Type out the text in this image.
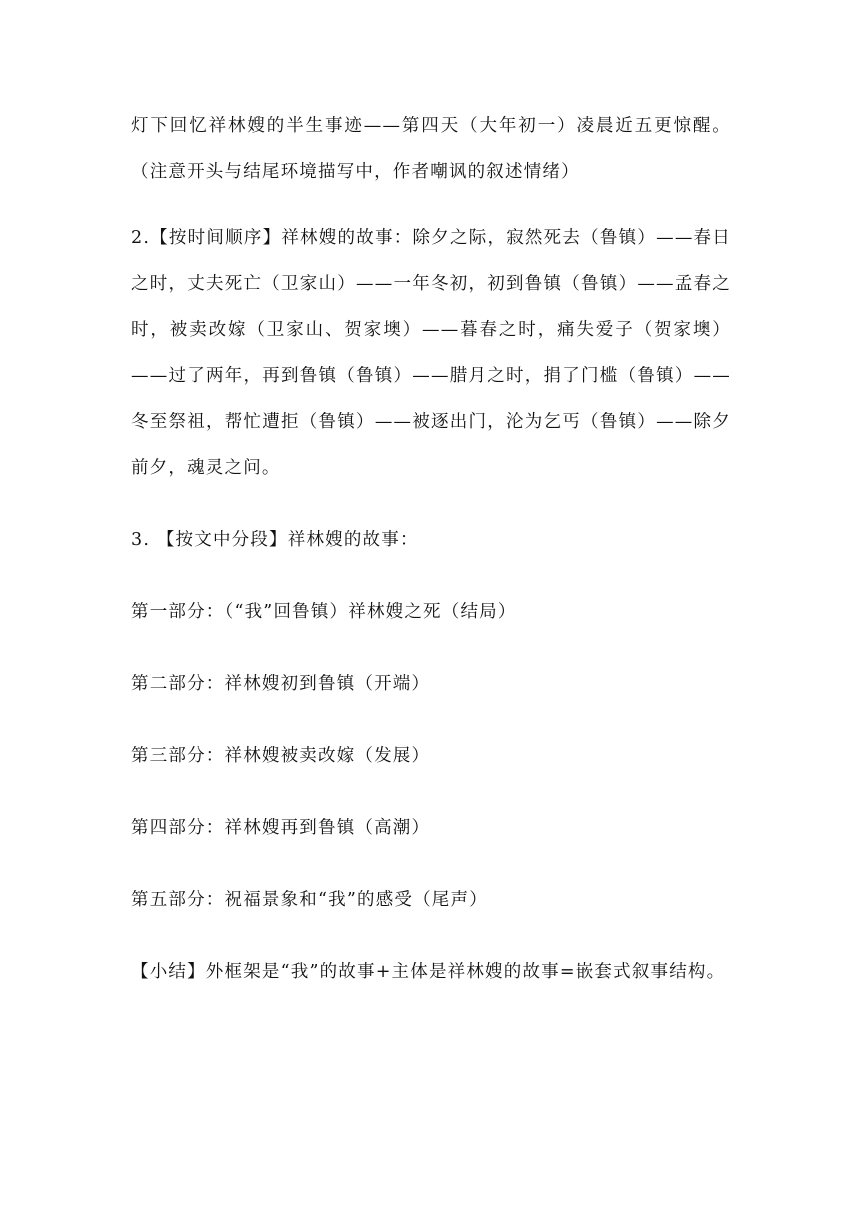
灯下回忆祥林嫂的半生事迹——第四天（大年初一）凌晨近五更惊醒。（注意开头与结尾环境描写中，作者嘲讽的叙述情绪）

2.【按时间顺序】祥林嫂的故事：除夕之际，寂然死去（鲁镇）——春日之时，丈夫死亡（卫家山）——一年冬初，初到鲁镇（鲁镇）——孟春之时，被卖改嫁（卫家山、贺家墺）——暮春之时，痛失爱子（贺家墺）——过了两年，再到鲁镇（鲁镇）——腊月之时，捐了门槛（鲁镇）——冬至祭祖，帮忙遭拒（鲁镇）——被逐出门，沦为乞丐（鲁镇）——除夕前夕，魂灵之问。

3. 【按文中分段】祥林嫂的故事：

第一部分：（“我”回鲁镇）祥林嫂之死（结局）

第二部分：祥林嫂初到鲁镇（开端）

第三部分：祥林嫂被卖改嫁（发展）

第四部分：祥林嫂再到鲁镇（高潮）

第五部分：祝福景象和“我”的感受（尾声）

【小结】外框架是“我”的故事+主体是祥林嫂的故事=嵌套式叙事结构。
